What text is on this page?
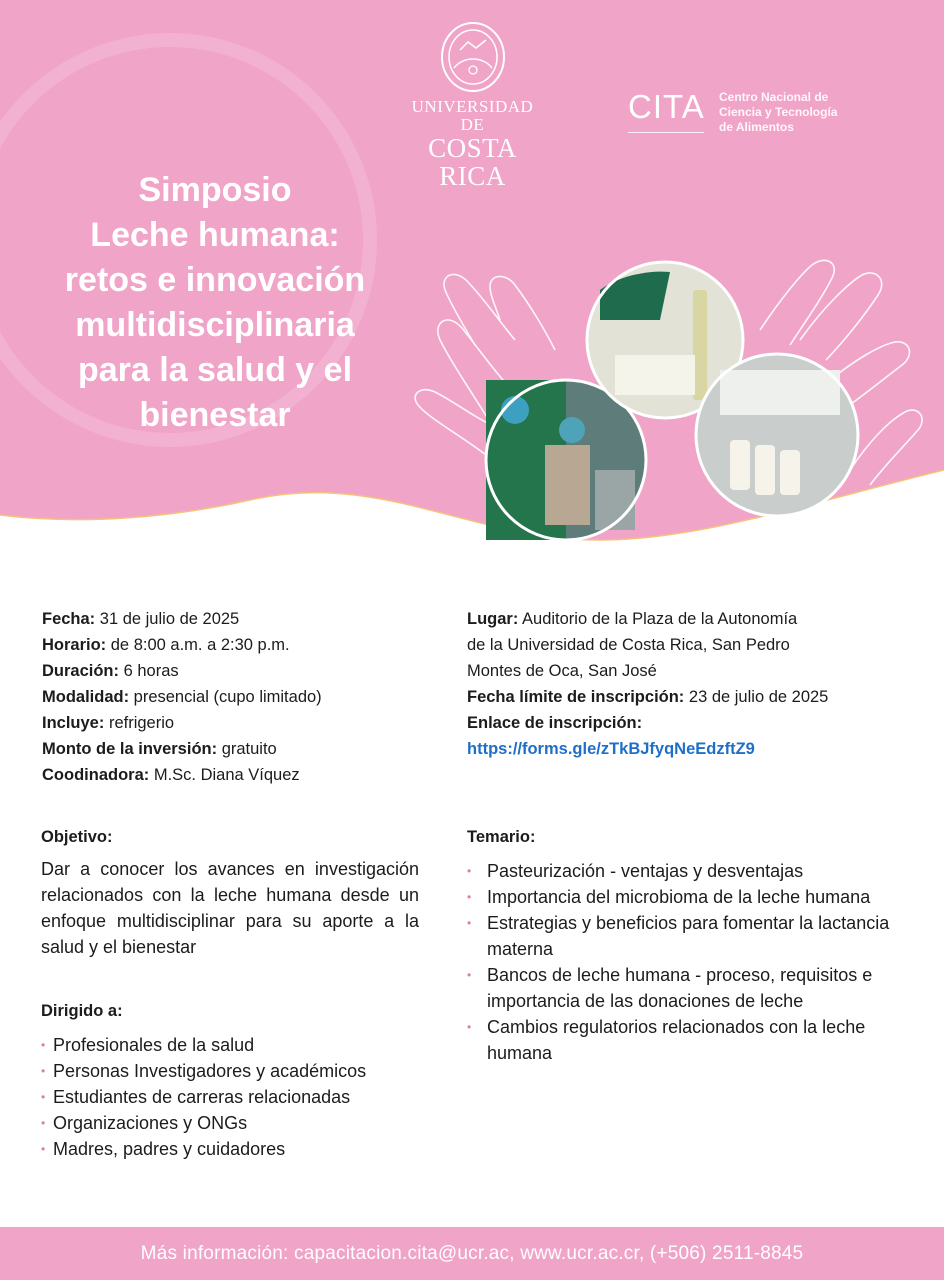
UNIVERSIDAD DE
COSTA RICA
CITA Centro Nacional de
Ciencia y Tecnología
de Alimentos
Simposio
Leche humana:
retos e innovación
multidisciplinaria
para la salud y el
bienestar

Fecha: 31 de julio de 2025

Horario: de 8:00 a.m. a 2:30 p.m.

Duración: 6 horas

Modalidad: presencial (cupo limitado)

Incluye: refrigerio

Monto de la inversión: gratuito

Coodinadora: M.Sc. Diana Víquez

Lugar: Auditorio de la Plaza de la Autonomía

de la Universidad de Costa Rica, San Pedro

Montes de Oca, San José

Fecha límite de inscripción: 23 de julio de 2025

Enlace de inscripción:

https://forms.gle/zTkBJfyqNeEdzftZ9

Objetivo:

Dar a conocer los avances en investigación relacionados con la leche humana desde un enfoque multidisciplinar para su aporte a la salud y el bienestar

Dirigido a:

• Profesionales de la salud
• Personas Investigadores y académicos
• Estudiantes de carreras relacionadas
• Organizaciones y ONGs
• Madres, padres y cuidadores

Temario:

• Pasteurización - ventajas y desventajas
• Importancia del microbioma de la leche humana
• Estrategias y beneficios para fomentar la lactancia materna
• Bancos de leche humana - proceso, requisitos e importancia de las donaciones de leche
• Cambios regulatorios relacionados con la leche humana
Más información: capacitacion.cita@ucr.ac, www.ucr.ac.cr, (+506) 2511-8845
